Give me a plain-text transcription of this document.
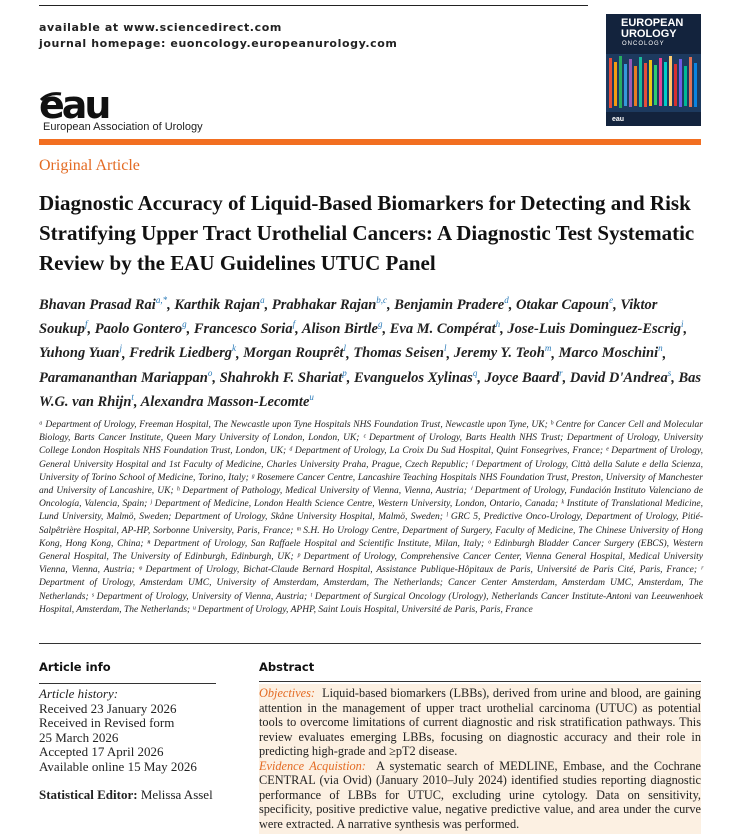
available at www.sciencedirect.com
journal homepage: euoncology.europeanurology.com
eau
European Association of Urology
EUROPEAN
UROLOGY
ONCOLOGY
eau
Original Article
Diagnostic Accuracy of Liquid-Based Biomarkers for Detecting and Risk Stratifying Upper Tract Urothelial Cancers: A Diagnostic Test Systematic Review by the EAU Guidelines UTUC Panel
Bhavan Prasad Rai$^{a,*}$, Karthik Rajan$^a$, Prabhakar Rajan$^{b,c}$, Benjamin Pradere$^d$, Otakar Capoun$^e$, Viktor Soukup$^f$, Paolo Gontero$^g$, Francesco Soria$^f$, Alison Birtle$^g$, Eva M. Compérat$^h$, Jose-Luis Dominguez-Escrig$^i$, Yuhong Yuan$^j$, Fredrik Liedberg$^k$, Morgan Rouprêt$^l$, Thomas Seisen$^l$, Jeremy Y. Teoh$^m$, Marco Moschini$^n$, Paramananthan Mariappan$^o$, Shahrokh F. Shariat$^p$, Evanguelos Xylinas$^q$, Joyce Baard$^r$, David D'Andrea$^s$, Bas W.G. van Rhijn$^t$, Alexandra Masson-Lecomte$^u$
ᵃ Department of Urology, Freeman Hospital, The Newcastle upon Tyne Hospitals NHS Foundation Trust, Newcastle upon Tyne, UK; ᵇ Centre for Cancer Cell and Molecular Biology, Barts Cancer Institute, Queen Mary University of London, London, UK; ᶜ Department of Urology, Barts Health NHS Trust; Department of Urology, University College London Hospitals NHS Foundation Trust, London, UK; ᵈ Department of Urology, La Croix Du Sud Hospital, Quint Fonsegrives, France; ᵉ Department of Urology, General University Hospital and 1st Faculty of Medicine, Charles University Praha, Prague, Czech Republic; ᶠ Department of Urology, Città della Salute e della Scienza, University of Torino School of Medicine, Torino, Italy; ᵍ Rosemere Cancer Centre, Lancashire Teaching Hospitals NHS Foundation Trust, Preston, University of Manchester and University of Lancashire, UK; ʰ Department of Pathology, Medical University of Vienna, Vienna, Austria; ⁱ Department of Urology, Fundación Instituto Valenciano de Oncología, Valencia, Spain; ʲ Department of Medicine, London Health Science Centre, Western University, London, Ontario, Canada; ᵏ Institute of Translational Medicine, Lund University, Malmö, Sweden; Department of Urology, Skåne University Hospital, Malmö, Sweden; ˡ GRC 5, Predictive Onco-Urology, Department of Urology, Pitié-Salpêtrière Hospital, AP-HP, Sorbonne University, Paris, France; ᵐ S.H. Ho Urology Centre, Department of Surgery, Faculty of Medicine, The Chinese University of Hong Kong, Hong Kong, China; ⁿ Department of Urology, San Raffaele Hospital and Scientific Institute, Milan, Italy; ᵒ Edinburgh Bladder Cancer Surgery (EBCS), Western General Hospital, The University of Edinburgh, Edinburgh, UK; ᵖ Department of Urology, Comprehensive Cancer Center, Vienna General Hospital, Medical University Vienna, Vienna, Austria; ᵠ Department of Urology, Bichat-Claude Bernard Hospital, Assistance Publique-Hôpitaux de Paris, Université de Paris Cité, Paris, France; ʳ Department of Urology, Amsterdam UMC, University of Amsterdam, Amsterdam, The Netherlands; Cancer Center Amsterdam, Amsterdam UMC, Amsterdam, The Netherlands; ˢ Department of Urology, University of Vienna, Austria; ᵗ Department of Surgical Oncology (Urology), Netherlands Cancer Institute-Antoni van Leeuwenhoek Hospital, Amsterdam, The Netherlands; ᵘ Department of Urology, APHP, Saint Louis Hospital, Université de Paris, Paris, France
Article info
Article history:
Received 23 January 2026
Received in Revised form
25 March 2026
Accepted 17 April 2026
Available online 15 May 2026
Statistical Editor: Melissa Assel
Abstract

Objectives: Liquid-based biomarkers (LBBs), derived from urine and blood, are gaining attention in the management of upper tract urothelial carcinoma (UTUC) as potential tools to overcome limitations of current diagnostic and risk stratification pathways. This review evaluates emerging LBBs, focusing on diagnostic accuracy and their role in predicting high-grade and ≥pT2 disease.

Evidence Acquistion: A systematic search of MEDLINE, Embase, and the Cochrane CENTRAL (via Ovid) (January 2010–July 2024) identified studies reporting diagnostic performance of LBBs for UTUC, excluding urine cytology. Data on sensitivity, specificity, positive predictive value, negative predictive value, and area under the curve were extracted. A narrative synthesis was performed.
